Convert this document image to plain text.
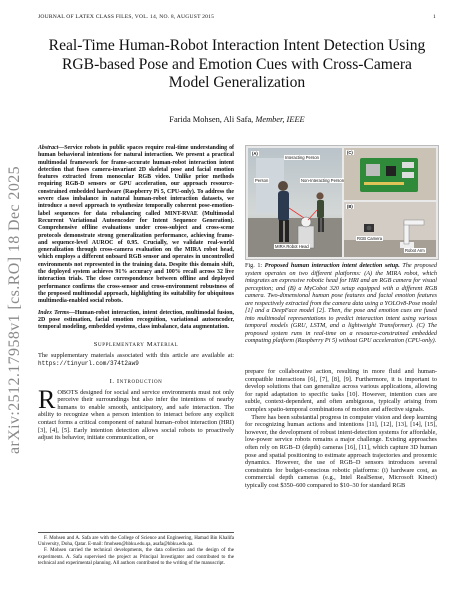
JOURNAL OF LATEX CLASS FILES, VOL. 14, NO. 8, AUGUST 2015	1
arXiv:2512.17958v1 [cs.RO] 18 Dec 2025
Real-Time Human-Robot Interaction Intent Detection Using RGB-based Pose and Emotion Cues with Cross-Camera Model Generalization
Farida Mohsen, Ali Safa, Member, IEEE
Abstract—Service robots in public spaces require real-time understanding of human behavioral intentions for natural interaction. We present a practical multimodal framework for frame-accurate human-robot interaction intent detection that fuses camera-invariant 2D skeletal pose and facial emotion features extracted from monocular RGB video. Unlike prior methods requiring RGB-D sensors or GPU acceleration, our approach resource-constrained embedded hardware (Raspberry Pi 5, CPU-only). To address the severe class imbalance in natural human-robot interaction datasets, we introduce a novel approach to synthesize temporally coherent pose-emotion-label sequences for data rebalancing called MINT-RVAE (Multimodal Recurrent Variational Autoencoder for Intent Sequence Generation). Comprehensive offline evaluations under cross-subject and cross-scene protocols demonstrate strong generalization performance, achieving frame- and sequence-level AUROC of 0.95. Crucially, we validate real-world generalization through cross-camera evaluation on the MIRA robot head, which employs a different onboard RGB sensor and operates in uncontrolled environments not represented in the training data. Despite this domain shift, the deployed system achieves 91% accuracy and 100% recall across 32 live interaction trials. The close correspondence between offline and deployed performance confirms the cross-sensor and cross-environment robustness of the proposed multimodal approach, highlighting its suitability for ubiquitous multimedia-enabled social robots.
Index Terms—Human-robot interaction, intent detection, multimodal fusion, 2D pose estimation, facial emotion recognition, variational autoencoder, temporal modeling, embedded systems, class imbalance, data augmentation.
Supplementary Material
The supplementary materials associated with this article are available at: https://tinyurl.com/374t2aw9
I. Introduction
ROBOTS designed for social and service environments must not only perceive their surroundings but also infer the intentions of nearby humans to enable smooth, anticipatory, and safe interaction. The ability to recognize when a person intention to interact before any explicit contact forms a critical component of natural human–robot interaction (HRI) [3], [4], [5]. Early intention detection allows social robots to proactively adjust its behavior, initiate communication, or
F. Mohsen and A. Safa are with the College of Science and Engineering, Hamad Bin Khalifa University, Doha, Qatar. E-mail: fmohsen@hbku.edu.qa, asafa@hbku.edu.qa.
F. Mohsen carried the technical developments, the data collection and the design of the experiments. A. Safa supervised the project as Principal Investigator and contributed to the technical and experimental planning. All authors contributed to the writing of the manuscript.
Interacting Person
Person	Non-Interacting Person
(A)
MIRA Robot Head
(C)
(B)
Robot Arm
RGB Camera
Fig. 1: Proposed human interaction intent detection setup. The proposed system operates on two different platforms: (A) the MIRA robot, which integrates an expressive robotic head for HRI and an RGB camera for visual perception; and (B) a MyCobot 320 setup equipped with a different RGB camera. Two-dimensional human pose features and facial emotion features are respectively extracted from the camera data using a YOLOv8-Pose model [1] and a DeepFace model [2]. Then, the pose and emotion cues are fused into multimodal representations to predict interaction intent using various temporal models (GRU, LSTM, and a lightweight Transformer). (C) The proposed system runs in real-time on a resource-constrained embedded computing platform (Raspberry Pi 5) without GPU acceleration (CPU-only).
prepare for collaborative action, resulting in more fluid and human-compatible interactions [6], [7], [8], [9]. Furthermore, it is important to develop solutions that can generalize across various applications, allowing for rapid adaptation to specific tasks [10]. However, intention cues are subtle, context-dependent, and often ambiguous, typically arising from complex spatio-temporal combinations of motion and affective signals.
 There has been substantial progress in computer vision and deep learning for recognizing human actions and intentions [11], [12], [13], [14], [15], however, the development of robust intent-detection systems for affordable, low-power service robots remains a major challenge. Existing approaches often rely on RGB–D (depth) cameras [16], [11], which capture 3D human pose and spatial positioning to estimate approach trajectories and proxemic dynamics. However, the use of RGB–D sensors introduces several constraints for budget-conscious robotic platforms: (i) hardware cost, as commercial depth cameras (e.g., Intel RealSense, Microsoft Kinect) typically cost $350–600 compared to $10–30 for standard RGB
